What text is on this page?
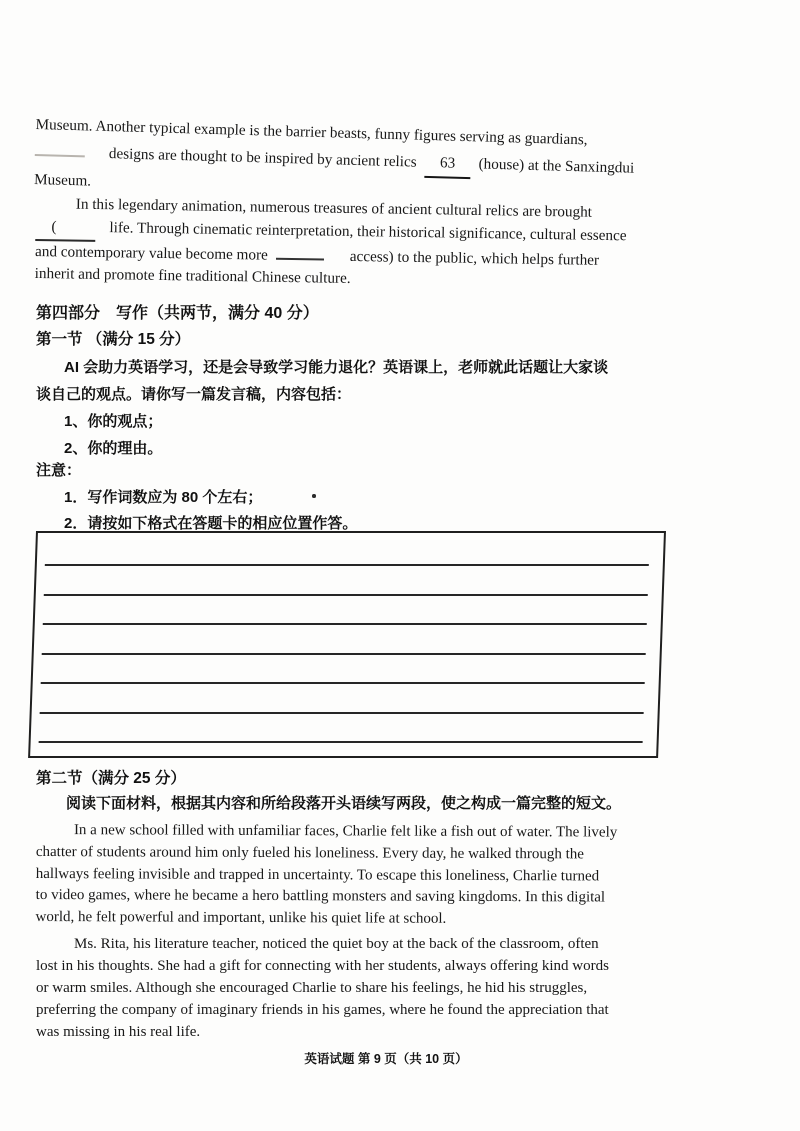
Museum. Another typical example is the barrier beasts, funny figures serving as guardians,
designs are thought to be inspired by ancient relics 63 (house) at the Sanxingdui
Museum.
In this legendary animation, numerous treasures of ancient cultural relics are brought
(	life. Through cinematic reinterpretation, their historical significance, cultural essence
and contemporary value become more	access) to the public, which helps further
inherit and promote fine traditional Chinese culture.
第四部分　写作（共两节，满分 40 分）
第一节 （满分 15 分）
AI 会助力英语学习，还是会导致学习能力退化？英语课上，老师就此话题让大家谈
谈自己的观点。请你写一篇发言稿，内容包括：
1、你的观点；
2、你的理由。
注意：
1．写作词数应为 80 个左右；
2．请按如下格式在答题卡的相应位置作答。
第二节（满分 25 分）
阅读下面材料，根据其内容和所给段落开头语续写两段，使之构成一篇完整的短文。
In a new school filled with unfamiliar faces, Charlie felt like a fish out of water. The lively
chatter of students around him only fueled his loneliness. Every day, he walked through the
hallways feeling invisible and trapped in uncertainty. To escape this loneliness, Charlie turned
to video games, where he became a hero battling monsters and saving kingdoms. In this digital
world, he felt powerful and important, unlike his quiet life at school.
Ms. Rita, his literature teacher, noticed the quiet boy at the back of the classroom, often
lost in his thoughts. She had a gift for connecting with her students, always offering kind words
or warm smiles. Although she encouraged Charlie to share his feelings, he hid his struggles,
preferring the company of imaginary friends in his games, where he found the appreciation that
was missing in his real life.
英语试题 第 9 页（共 10 页）
